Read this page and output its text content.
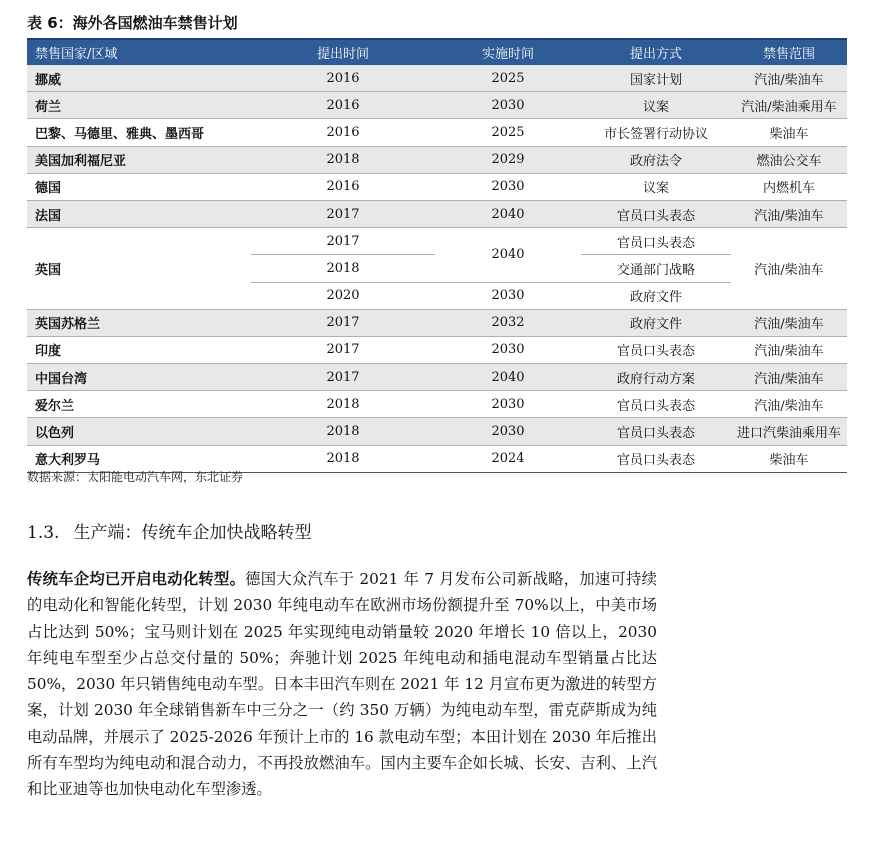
表 6：海外各国燃油车禁售计划
禁售国家/区域	提出时间	实施时间	提出方式	禁售范围
挪威	2016	2025	国家计划	汽油/柴油车
荷兰	2016	2030	议案	汽油/柴油乘用车
巴黎、马德里、雅典、墨西哥	2016	2025	市长签署行动协议	柴油车
美国加利福尼亚	2018	2029	政府法令	燃油公交车
德国	2016	2030	议案	内燃机车
法国	2017	2040	官员口头表态	汽油/柴油车
英国	2017	2040	官员口头表态	汽油/柴油车
	2018		交通部门战略	
	2020	2030	政府文件	
英国苏格兰	2017	2032	政府文件	汽油/柴油车
印度	2017	2030	官员口头表态	汽油/柴油车
中国台湾	2017	2040	政府行动方案	汽油/柴油车
爱尔兰	2018	2030	官员口头表态	汽油/柴油车
以色列	2018	2030	官员口头表态	进口汽柴油乘用车
意大利罗马	2018	2024	官员口头表态	柴油车
数据来源：太阳能电动汽车网，东北证券
1.3. 生产端：传统车企加快战略转型

传统车企均已开启电动化转型。德国大众汽车于 2021 年 7 月发布公司新战略，加速可持续的电动化和智能化转型，计划 2030 年纯电动车在欧洲市场份额提升至 70%以上，中美市场占比达到 50%；宝马则计划在 2025 年实现纯电动销量较 2020 年增长 10 倍以上，2030 年纯电车型至少占总交付量的 50%；奔驰计划 2025 年纯电动和插电混动车型销量占比达 50%，2030 年只销售纯电动车型。日本丰田汽车则在 2021 年 12 月宣布更为激进的转型方案，计划 2030 年全球销售新车中三分之一（约 350 万辆）为纯电动车型，雷克萨斯成为纯电动品牌，并展示了 2025-2026 年预计上市的 16 款电动车型；本田计划在 2030 年后推出所有车型均为纯电动和混合动力，不再投放燃油车。国内主要车企如长城、长安、吉利、上汽和比亚迪等也加快电动化车型渗透。
